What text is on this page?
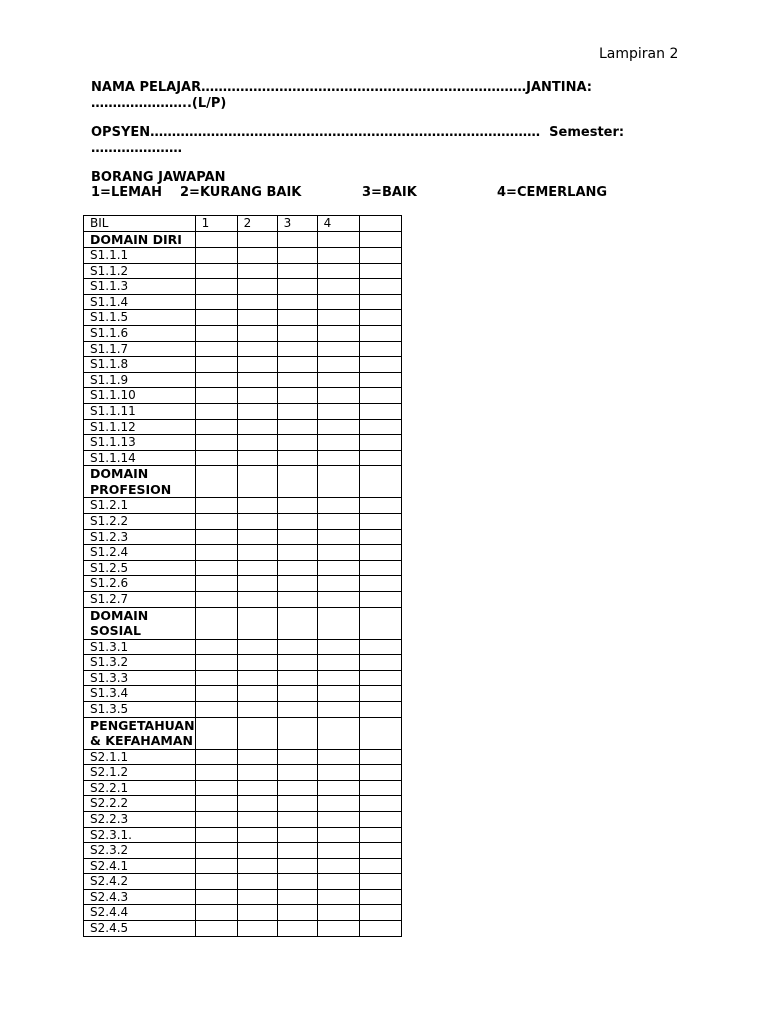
Lampiran 2
NAMA PELAJAR…………………………………………………………………JANTINA:
…………………..(L/P)
OPSYEN………………………………………………………………………………  Semester:
…………………
BORANG JAWAPAN
1=LEMAH 2=KURANG BAIK	3=BAIK	4=CEMERLANG
BIL	1	2	3	4	
DOMAIN DIRI					
S1.1.1					
S1.1.2					
S1.1.3					
S1.1.4					
S1.1.5					
S1.1.6					
S1.1.7					
S1.1.8					
S1.1.9					
S1.1.10					
S1.1.11					
S1.1.12					
S1.1.13					
S1.1.14					
DOMAIN PROFESION					
S1.2.1					
S1.2.2					
S1.2.3					
S1.2.4					
S1.2.5					
S1.2.6					
S1.2.7					
DOMAIN SOSIAL					
S1.3.1					
S1.3.2					
S1.3.3					
S1.3.4					
S1.3.5					
PENGETAHUAN & KEFAHAMAN					
S2.1.1					
S2.1.2					
S2.2.1					
S2.2.2					
S2.2.3					
S2.3.1.					
S2.3.2					
S2.4.1					
S2.4.2					
S2.4.3					
S2.4.4					
S2.4.5					
